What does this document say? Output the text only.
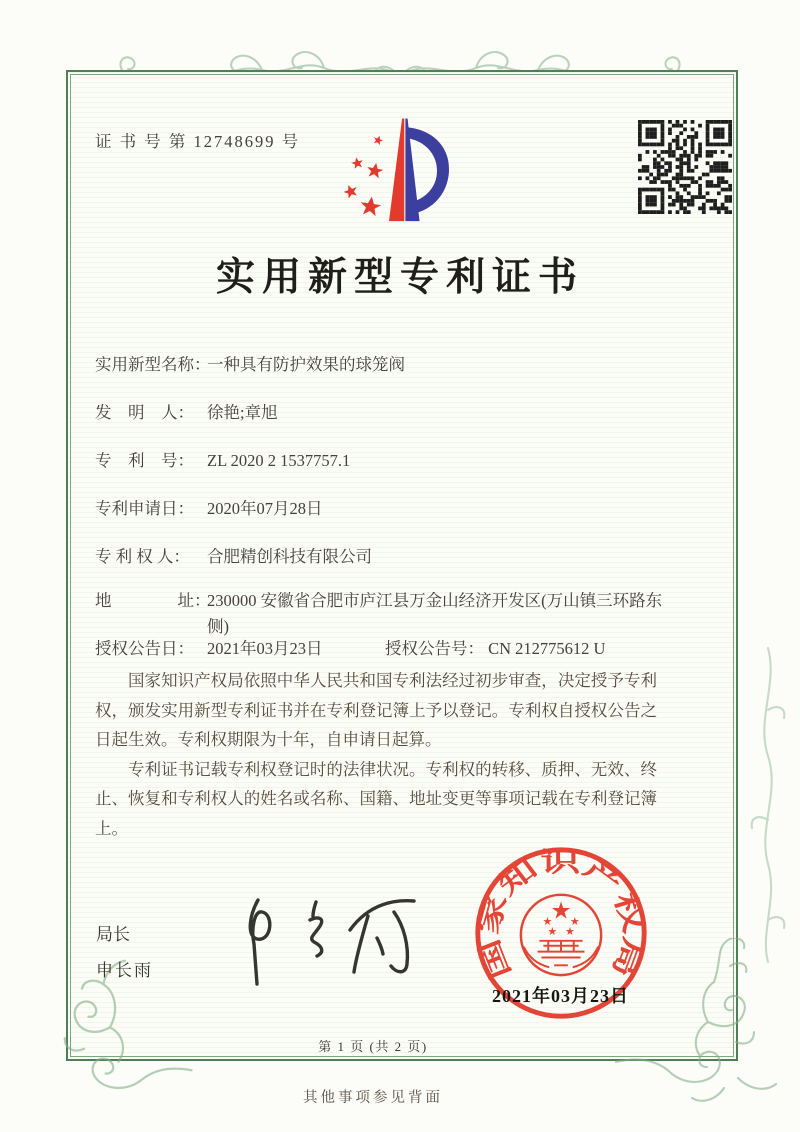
证 书 号 第 12748699 号
实用新型专利证书
实用新型名称：
一种具有防护效果的球笼阀
发　明　人： 徐艳;章旭
专　利　号： ZL 2020 2 1537757.1
专利申请日： 2020年07月28日
专 利 权 人： 合肥精创科技有限公司
地　　　　址：
230000 安徽省合肥市庐江县万金山经济开发区(万山镇三环路东侧)
授权公告日： 2021年03月23日	授权公告号： CN 212775612 U

国家知识产权局依照中华人民共和国专利法经过初步审查，决定授予专利权，颁发实用新型专利证书并在专利登记簿上予以登记。专利权自授权公告之日起生效。专利权期限为十年，自申请日起算。

专利证书记载专利权登记时的法律状况。专利权的转移、质押、无效、终止、恢复和专利权人的姓名或名称、国籍、地址变更等事项记载在专利登记簿上。

局长
申长雨	国家知识产权局
★
★ ★
★ ★
2021年03月23日
第 1 页 (共 2 页)
其他事项参见背面
